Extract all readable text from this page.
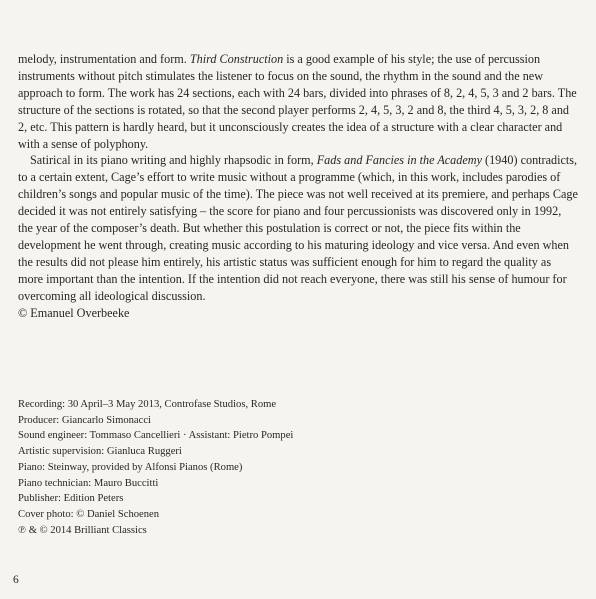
melody, instrumentation and form. Third Construction is a good example of his style; the use of percussion instruments without pitch stimulates the listener to focus on the sound, the rhythm in the sound and the new approach to form. The work has 24 sections, each with 24 bars, divided into phrases of 8, 2, 4, 5, 3 and 2 bars. The structure of the sections is rotated, so that the second player performs 2, 4, 5, 3, 2 and 8, the third 4, 5, 3, 2, 8 and 2, etc. This pattern is hardly heard, but it unconsciously creates the idea of a structure with a clear character and with a sense of polyphony.

Satirical in its piano writing and highly rhapsodic in form, Fads and Fancies in the Academy (1940) contradicts, to a certain extent, Cage’s effort to write music without a programme (which, in this work, includes parodies of children’s songs and popular music of the time). The piece was not well received at its premiere, and perhaps Cage decided it was not entirely satisfying – the score for piano and four percussionists was discovered only in 1992, the year of the composer’s death. But whether this postulation is correct or not, the piece fits within the development he went through, creating music according to his maturing ideology and vice versa. And even when the results did not please him entirely, his artistic status was sufficient enough for him to regard the quality as more important than the intention. If the intention did not reach everyone, there was still his sense of humour for overcoming all ideological discussion.

© Emanuel Overbeeke

Recording: 30 April–3 May 2013, Controfase Studios, Rome
Producer: Giancarlo Simonacci
Sound engineer: Tommaso Cancellieri · Assistant: Pietro Pompei
Artistic supervision: Gianluca Ruggeri
Piano: Steinway, provided by Alfonsi Pianos (Rome)
Piano technician: Mauro Buccitti
Publisher: Edition Peters
Cover photo: © Daniel Schoenen
℗ & © 2014 Brilliant Classics
6
